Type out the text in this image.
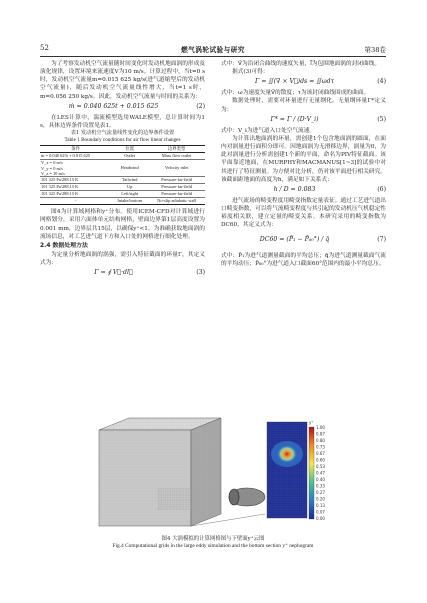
52	燃气涡轮试验与研究	第38卷

为了考察发动机空气流量随时间变化时发动机地面涡的形成及演化规律，设置环境来流速度V为10 m/s。计算过程中，当t=0 s时，发动机空气流量m=0.015 625 kg/s(进气道缩型后的发动机空气流量)，随后发动机空气流量线性增大，当t=1 s时，m=0.056 250 kg/s。因此，发动机空气流量与时间的关系为：

ṁ = 0.040 625t + 0.015 625	(2)

在LES计算中，湍流模型选用WALE模型，总计算时间为1 s，具体边界条件设置见表1。

表1 发动机空气流量线性变化的边界条件设置
Table 1 Boundary conditions for air flow linear changes
条件	位置	边界类型
ṁ = 0.040 625t + 0.015 625	Outlet	Mass flow outlet
V_x = 0 m/s
V_y = 0 m/s
V_z = 10 m/s	Headwind	Velocity inlet
101 325 Pa/288.15 K	Tailwind	Pressure-far-field
101 325 Pa/288.15 K	Up	Pressure-far-field
101 325 Pa/288.15 K	Left/right	Pressure-far-field
-	Intake/bottom	No-slip adiabatic wall

图4为计算域网格和y⁺分布。使用ICEM-CFD对计算域进行网格划分，采用六面体单元结构网格，壁面边界第1层高度设置为0.001 mm，边界层共15层，以确保y⁺<1。为准确获取地面涡的流场信息，对工艺进气道下方和入口处的网格进行细化处理。

2.4 数据处理方法

为定量分析地面涡的涡强，需引入特征截面的环量Γ，其定义式为：

Γ = ∮ V⃗·dl⃗	(3)

式中：V⃗为沿闭合曲线的速度矢量，l⃗为包围地面涡的封闭曲线。

据式(3)可得：

Γ = ∬(∇ × V⃗)ds = ∬ωdτ	(4)

式中：ω为速度矢量V⃗的散度；τ为该封闭曲线围成的曲面。

数据处理时，需要对环量进行无量纲化。无量纲环量Γ*定义为：

Γ* = Γ / (D·V_i)	(5)

式中：V_i为进气道入口处空气流速。

为计算出地面涡的环量，需创建1个包含地面涡的圆面，在面内对涡量进行面积分即可。因地面涡为无滑移边界，涡量为0，为此对涡量进行分析需创建1个新的平面，命名为PIV特征截面。该平面靠近地面，在MURPHY和MACMANUS[1~3]的试验中对其进行了特征测量。为方便对比分析，仍对该平面进行相关研究。该截面距地面的高度为h，满足如下关系式：

h / D = 0.083	(6)

进气流场的畸变程度用畸变指数定量表征。通过工艺进气道出口畸变指数，可以将气流畸变程度与其引起的发动机压气机稳定性裕度相关联，建立定量的畸变关系。本研究采用的畸变指数为DC60，其定义式为：

DC60 = (P̄₁ − P̄₆₀°) / q̄	(7)

式中：P̄₁为进气道测量截面的平均总压；q̄为进气道测量截面气流的平均动压；P̄₆₀°为进气道入口截面60°范围内的最小平均总压。

y⁺
1.00
0.87
0.80
0.73
0.67
0.60
0.53
0.47
0.40
0.33
0.27
0.20
0.13
0.07
0.00
图4 大涡模拟的计算网格图与下壁面y⁺云图
Fig.4 Computational grids in the large eddy simulation and the bottom section y⁺ nephogram
